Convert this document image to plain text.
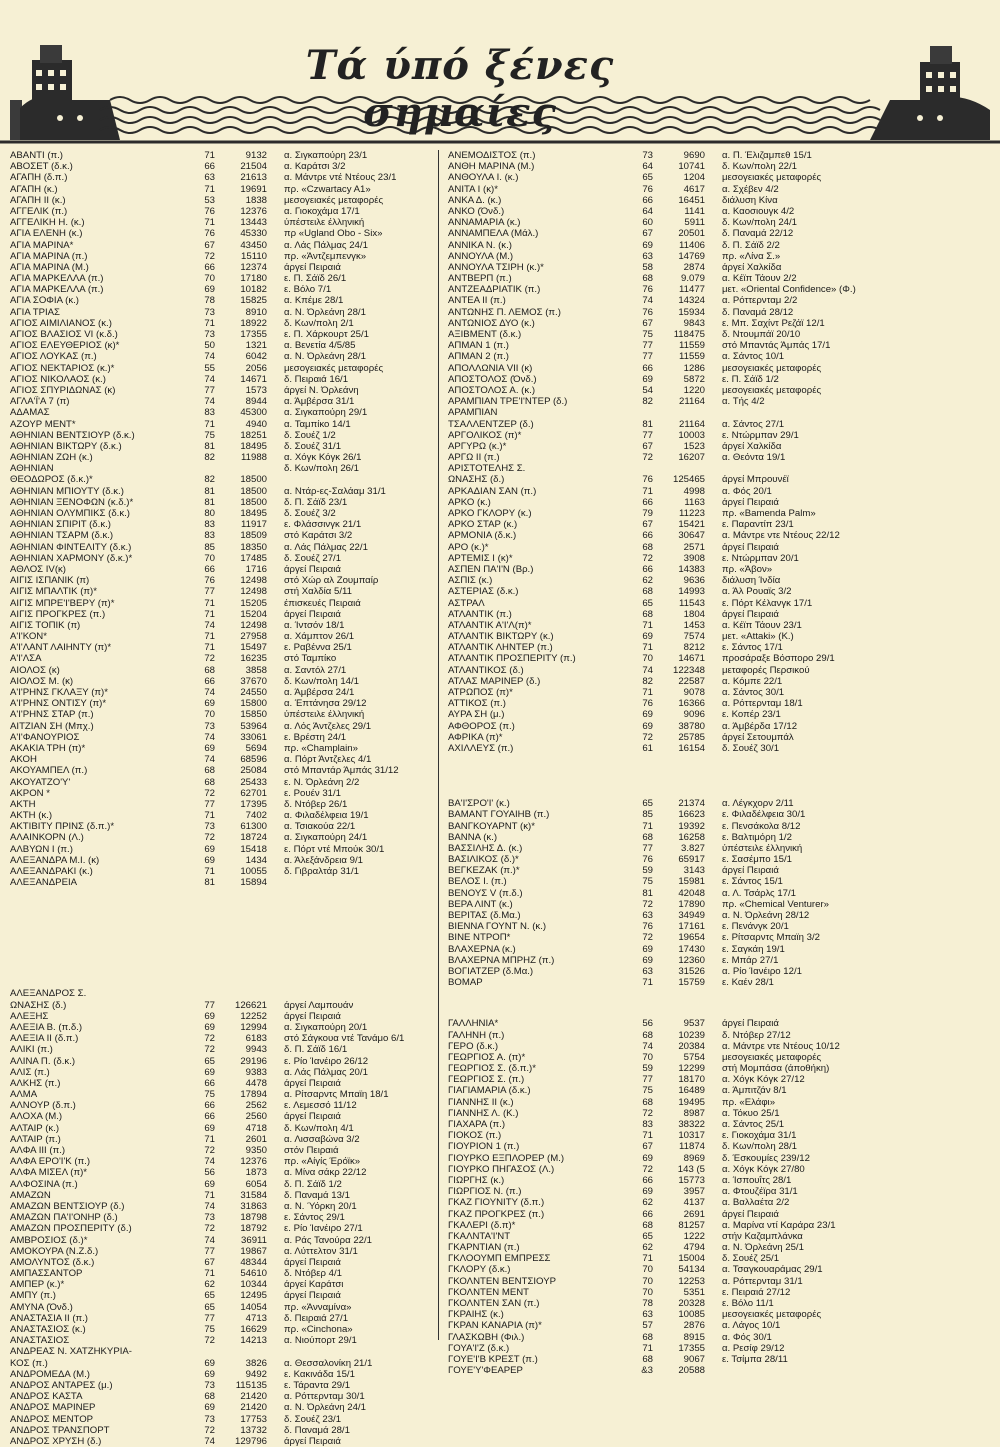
Τά ύπό ξένες σημαίες
ΑΒΑΝΤΙ (π.)	71	9132	α. Σιγκαπούρη 23/1
ΑΒΟΣΕΤ (δ.κ.)	66	21504	α. Καράτσι 3/2
ΑΓΑΠΗ (δ.π.)	63	21613	α. Μάντρε ντέ Ντέους 23/1
ΑΓΑΠΗ (κ.)	71	19691	πρ. «Czwartacy A1»
ΑΓΑΠΗ ΙΙ (κ.)	53	1838	μεσογειακές μεταφορές
ΑΓΓΕΛΙΚ (π.)	76	12376	α. Γιοκοχάμα 17/1
ΑΓΓΕΛΙΚΗ Η. (κ.)	71	13443	ύπέστειλε έλληνική
ΑΓΙΑ ΕΛΕΝΗ (κ.)	76	45330	πρ «Ugland Obo - Six»
ΑΓΙΑ ΜΑΡΙΝΑ*	67	43450	α. Λάς Πάλμας 24/1
ΑΓΙΑ ΜΑΡΙΝΑ (π.)	72	15110	πρ. «Άντζεμπενγκ»
ΑΓΙΑ ΜΑΡΙΝΑ (Μ.)	66	12374	άργεί Πειραιά
ΑΓΙΑ ΜΑΡΚΕΛΛΑ (π.)	70	17180	ε. Π. Σάϊδ 26/1
ΑΓΙΑ ΜΑΡΚΕΛΛΑ (π.)	69	10182	ε. Βόλο 7/1
ΑΓΙΑ ΣΟΦΙΑ (κ.)	78	15825	α. Κπέμε 28/1
ΑΓΙΑ ΤΡΙΑΣ	73	8910	α. Ν. Όρλεάνη 28/1
ΑΓΙΟΣ ΑΙΜΙΛΙΑΝΟΣ (κ.)	71	18922	δ. Κων/πολη 2/1
ΑΓΙΟΣ ΒΛΑΣΙΟΣ VI (κ.δ.)	73	17355	ε. Π. Χάρκουρτ 25/1
ΑΓΙΟΣ ΕΛΕΥΘΕΡΙΟΣ (κ)*	50	1321	α. Βενετία 4/5/85
ΑΓΙΟΣ ΛΟΥΚΑΣ (π.)	74	6042	α. Ν. Όρλεάνη 28/1
ΑΓΙΟΣ ΝΕΚΤΑΡΙΟΣ (κ.)*	55	2056	μεσογειακές μεταφορές
ΑΓΙΟΣ ΝΙΚΟΛΑΟΣ (κ.)	74	14671	δ. Πειραιά 16/1
ΑΓΙΟΣ ΣΠΥΡΙΔΩΝΑΣ (κ)	77	1573	άργεί Ν. Όρλεάνη
ΑΓΛΑ'Ϊ'Α 7 (π)	74	8944	α. Άμβέρσα 31/1
ΑΔΑΜΑΣ	83	45300	α. Σιγκαπούρη 29/1
ΑΖΟΥΡ ΜΕΝΤ*	71	4940	α. Ταμπίκο 14/1
ΑΘΗΝΙΑΝ ΒΕΝΤΣΙΟΥΡ (δ.κ.)	75	18251	δ. Σουέζ 1/2
ΑΘΗΝΙΑΝ ΒΙΚΤΩΡΥ (δ.κ.)	81	18495	δ. Σουέζ 31/1
ΑΘΗΝΙΑΝ ΖΩΗ (κ.)	82	11988	α. Χόγκ Κόγκ 26/1
ΑΘΗΝΙΑΝ	δ. Κων/πολη 26/1
ΘΕΟΔΩΡΟΣ (δ.κ.)*	82	18500
ΑΘΗΝΙΑΝ ΜΠΙΟΥΤΥ (δ.κ.)	81	18500	α. Ντάρ-ες-Σαλάαμ 31/1
ΑΘΗΝΙΑΝ ΞΕΝΟΦΩΝ (κ.δ.)*	81	18500	δ. Π. Σάϊδ 23/1
ΑΘΗΝΙΑΝ ΟΛΥΜΠΙΚΣ (δ.κ.)	80	18495	δ. Σουέζ 3/2
ΑΘΗΝΙΑΝ ΣΠΙΡΙΤ (δ.κ.)	83	11917	ε. Φλάσσινγκ 21/1
ΑΘΗΝΙΑΝ ΤΣΑΡΜ (δ.κ.)	83	18509	στό Καράτσι 3/2
ΑΘΗΝΙΑΝ ΦΙΝΤΕΛΙΤΥ (δ.κ.)	85	18350	α. Λάς Πάλμας 22/1
ΑΘΗΝΙΑΝ ΧΑΡΜΟΝΥ (δ.κ.)*	70	17485	δ. Σουέζ 27/1
ΑΘΛΟΣ IV(κ)	66	1716	άργεί Πειραιά
ΑΙΓΙΣ ΙΣΠΑΝΙΚ (π)	76	12498	στό Χώρ αλ Ζουμπαίρ
ΑΙΓΙΣ ΜΠΑΛΤΙΚ (π)*	77	12498	στή Χαλδία 5/11
ΑΙΓΙΣ ΜΠΡΕ'Ι'ΒΕΡΥ (π)*	71	15205	έπισκευές Πειραιά
ΑΙΓΙΣ ΠΡΟΓΚΡΕΣ (π.)	71	15204	άργεί Πειραιά
ΑΙΓΙΣ ΤΟΠΙΚ (π)	74	12498	α. Ίντσόν 18/1
Α'Ι'ΚΟΝ*	71	27958	α. Χάμπτον 26/1
Α'Ι'ΛΑΝΤ ΛΑΙΗΝΤΥ (π)*	71	15497	ε. Ραβέννα 25/1
Α'Ι'ΛΣΑ	72	16235	στό Ταμπίκο
ΑΙΟΛΟΣ (κ)	68	3858	α. Σαντόλ 27/1
ΑΙΟΛΟΣ Μ. (κ)	66	37670	δ. Κων/πολη 14/1
Α'Ι'ΡΗΝΣ ΓΚΛΑΞΥ (π)*	74	24550	α. Άμβέρσα 24/1
Α'Ι'ΡΗΝΣ ΟΝΤΙΣΥ (π)*	69	15800	α. Έπτάνησα 29/12
Α'Ι'ΡΗΝΣ ΣΤΑΡ (π.)	70	15850	ύπέστειλε έλληνική
ΑΙΤΖΙΑΝ ΣΗ (Μπχ.)	73	53964	α. Λός Άντζελες 29/1
Α'Ι'ΦΑΝΟΥΡΙΟΣ	74	33061	ε. Βρέστη 24/1
ΑΚΑΚΙΑ ΤΡΗ (π)*	69	5694	πρ. «Champlain»
ΑΚΟΗ	74	68596	α. Πόρτ Άντζελες 4/1
ΑΚΟΥΑΜΠΕΛ (π.)	68	25084	στό Μπαντάρ Άμπάς 31/12
ΑΚΟΥΑΤΖΟ'Υ'	68	25433	ε. Ν. Όρλεάνη 2/2
ΑΚΡΟΝ *	72	62701	ε. Ρουέν 31/1
ΑΚΤΗ	77	17395	δ. Ντόβερ 26/1
ΑΚΤΗ (κ.)	71	7402	α. Φιλαδέλφεια 19/1
ΑΚΤΙΒΙΤΥ ΠΡΙΝΣ (δ.π.)*	73	61300	α. Τσιακούα 22/1
ΑΛΑΙΝΚΟΡΝ (Λ.)	72	18724	α. Σιγκαπούρη 24/1
ΑΛΒΥΩΝ Ι (π.)	69	15418	ε. Πόρτ ντέ Μπούκ 30/1
ΑΛΕΞΑΝΔΡΑ Μ.Ι. (κ)	69	1434	α. Άλεξάνδρεια 9/1
ΑΛΕΞΑΝΔΡΑΚΙ (κ.)	71	10055	δ. Γιβραλτάρ 31/1
ΑΛΕΞΑΝΔΡΕΙΑ	81	15894
ΑΛΕΞΑΝΔΡΟΣ Σ.
ΩΝΑΣΗΣ (δ.)	77	126621	άργεί Λαμπουάν
ΑΛΕΞΗΣ	69	12252	άργεί Πειραιά
ΑΛΕΞΙΑ Β. (π.δ.)	69	12994	α. Σιγκαπούρη 20/1
ΑΛΕΞΙΑ ΙΙ (δ.π.)	72	6183	στό Σάγκουα ντέ Τανάμο 6/1
ΑΛΙΚΙ (π.)	72	9943	δ. Π. Σάϊδ 16/1
ΑΛΙΝΑ Π. (δ.κ.)	65	29196	ε. Ρίο Ίανέιρο 26/12
ΑΛΙΣ (π.)	69	9383	α. Λάς Πάλμας 20/1
ΑΛΚΗΣ (π.)	66	4478	άργεί Πειραιά
ΑΛΜΑ	75	17894	α. Ρίτσαρντς Μπαϊη 18/1
ΑΛΝΟΥΡ (δ.π.)	66	2562	ε. Λεμεσσό 11/12
ΑΛΟΧΑ (Μ.)	66	2560	άργεί Πειραιά
ΑΛΤΑΙΡ (κ.)	69	4718	δ. Κων/πολη 4/1
ΑΛΤΑΙΡ (π.)	71	2601	α. Λισσαβώνα 3/2
ΑΛΦΑ ΙΙΙ (π.)	72	9350	στόν Πειραιά
ΑΛΦΑ ΕΡΟ'Ι'Κ (π.)	74	12376	πρ. «Αίγίς Έρόϊκ»
ΑΛΦΑ ΜΙΣΕΛ (π)*	56	1873	α. Μίνα σάκρ 22/12
ΑΛΦΟΣΙΝΑ (π.)	69	6054	δ. Π. Σάϊδ 1/2
ΑΜΑΖΩΝ	71	31584	δ. Παναμά 13/1
ΑΜΑΖΩΝ ΒΕΝΤΣΙΟΥΡ (δ.)	74	31863	α. Ν. Ύόρκη 20/1
ΑΜΑΖΩΝ ΠΑ'Ι'ΟΝΗΡ (δ.)	73	18798	ε. Σάντος 29/1
ΑΜΑΖΩΝ ΠΡΟΣΠΕΡΙΤΥ (δ.)	72	18792	ε. Ρίο Ίανέιρο 27/1
ΑΜΒΡΟΣΙΟΣ (δ.)*	74	36911	α. Ράς Τανούρα 22/1
ΑΜΟΚΟΥΡΑ (Ν.Ζ.δ.)	77	19867	α. Λύττελτον 31/1
ΑΜΟΛΥΝΤΟΣ (δ.κ.)	67	48344	άργεί Πειραιά
ΑΜΠΑΣΣΑΝΤΟΡ	71	54610	δ. Ντόβερ 4/1
ΑΜΠΕΡ (κ.)*	62	10344	άργεί Καράτσι
ΑΜΠΥ (π.)	65	12495	άργεί Πειραιά
ΑΜΥΝΑ (Όνδ.)	65	14054	πρ. «Άνναμίνα»
ΑΝΑΣΤΑΣΙΑ ΙΙ (π.)	77	4713	δ. Πειραιά 27/1
ΑΝΑΣΤΑΣΙΟΣ (κ.)	75	16629	πρ. «Cinchona»
ΑΝΑΣΤΑΣΙΟΣ	72	14213	α. Νιούπορτ 29/1
ΑΝΔΡΕΑΣ Ν. ΧΑΤΖΗΚΥΡΙΑ-
ΚΟΣ (π.)	69	3826	α. Θεσσαλονίκη 21/1
ΑΝΔΡΟΜΕΔΑ (Μ.)	69	9492	ε. Κακινάδα 15/1
ΑΝΔΡΟΣ ΑΝΤΑΡΕΣ (μ.)	73	115135	ε. Τάραντα 29/1
ΑΝΔΡΟΣ ΚΑΣΤΑ	68	21420	α. Ρόττερνταμ 30/1
ΑΝΔΡΟΣ ΜΑΡΙΝΕΡ	69	21420	α. Ν. Όρλεάνη 24/1
ΑΝΔΡΟΣ ΜΕΝΤΟΡ	73	17753	δ. Σουέζ 23/1
ΑΝΔΡΟΣ ΤΡΑΝΣΠΟΡΤ	72	13732	δ. Παναμά 28/1
ΑΝΔΡΟΣ ΧΡΥΣΗ (δ.)	74	129796	άργεί Πειραιά
ΑΝΕΜΟΔΙΣΤΟΣ (π.)	73	9690	α. Π. Έλιζαμπεθ 15/1
ΑΝΘΗ ΜΑΡΙΝΑ (Μ.)	64	10741	δ. Κων/πολη 22/1
ΑΝΘΟΥΛΑ Ι. (κ.)	65	1204	μεσογειακές μεταφορές
ΑΝΙΤΑ Ι (κ)*	76	4617	α. Σχέβεν 4/2
ΑΝΚΑ Δ. (κ.)	66	16451	διάλυση Κίνα
ΑΝΚΟ (Όνδ.)	64	1141	α. Καοσιουγκ 4/2
ΑΝΝΑΜΑΡΙΑ (κ.)	60	5911	δ. Κων/πολη 24/1
ΑΝΝΑΜΠΕΛΑ (Μάλ.)	67	20501	δ. Παναμά 22/12
ΑΝΝΙΚΑ Ν. (κ.)	69	11406	δ. Π. Σάϊδ 2/2
ΑΝΝΟΥΛΑ (Μ.)	63	14769	πρ. «Λίνα Σ.»
ΑΝΝΟΥΛΑ ΤΣΙΡΗ (κ.)*	58	2874	άργεί Χαλκίδα
ΑΝΤΒΕΡΠ (π.)	68	9.079	α. Κέϊπ Τάουν 2/2
ΑΝΤΖΕΑΔΡΙΑΤΙΚ (π.)	76	11477	μετ. «Oriental Confidence» (Φ.)
ΑΝΤΕΑ ΙΙ (π.)	74	14324	α. Ρόττερνταμ 2/2
ΑΝΤΩΝΗΣ Π. ΛΕΜΟΣ (π.)	76	15934	δ. Παναμά 28/12
ΑΝΤΩΝΙΟΣ ΔΥΟ (κ.)	67	9843	ε. Μπ. Σαχίντ Ρεζάϊ 12/1
ΑΞΙΒΜΕΝΤ (δ.κ.)	75	118475	δ. Ντουμπάϊ 20/10
ΑΠΜΑΝ 1 (π.)	77	11559	στό Μπαντάς Άμπάς 17/1
ΑΠΜΑΝ 2 (π.)	77	11559	α. Σάντος 10/1
ΑΠΟΛΛΩΝΙΑ VII (κ)	66	1286	μεσογειακές μεταφορές
ΑΠΟΣΤΟΛΟΣ (Όνδ.)	69	5872	ε. Π. Σάϊδ 1/2
ΑΠΟΣΤΟΛΟΣ Α. (κ.)	54	1220	μεσογειακές μεταφορές
ΑΡΑΜΠΙΑΝ ΤΡΕ'Ι'ΝΤΕΡ (δ.)	82	21164	α. Τής 4/2
ΑΡΑΜΠΙΑΝ
ΤΣΑΛΛΕΝΤΖΕΡ (δ.)	81	21164	α. Σάντος 27/1
ΑΡΓΟΛΙΚΟΣ (π)*	77	10003	ε. Ντώρμπαν 29/1
ΑΡΓΥΡΩ (κ.)*	67	1523	άργεί Χαλκίδα
ΑΡΓΩ ΙΙ (π.)	72	16207	α. Θεόντα 19/1
ΑΡΙΣΤΟΤΕΛΗΣ Σ.
ΩΝΑΣΗΣ (δ.)	76	125465	άργεί Μπρουνέϊ
ΑΡΚΑΔΙΑΝ ΣΑΝ (π.)	71	4998	α. Φός 20/1
ΑΡΚΟ (κ.)	66	1163	άργεί Πειραιά
ΑΡΚΟ ΓΚΛΟΡΥ (κ.)	79	11223	πρ. «Bamenda Palm»
ΑΡΚΟ ΣΤΑΡ (κ.)	67	15421	ε. Παραντίπ 23/1
ΑΡΜΟΝΙΑ (δ.κ.)	66	30647	α. Μάντρε ντε Ντέους 22/12
ΑΡΟ (κ.)*	68	2571	άργεί Πειραιά
ΑΡΤΕΜΙΣ Ι (κ)*	72	3908	ε. Ντώρμπαν 20/1
ΑΣΠΕΝ ΠΑ'Ι'Ν (Βρ.)	66	14383	πρ. «Άβον»
ΑΣΠΙΣ (κ.)	62	9636	διάλυση Ίνδία
ΑΣΤΕΡΙΑΣ (δ.κ.)	68	14993	α. Άλ Ρουαϊς 3/2
ΑΣΤΡΑΛ	65	11543	ε. Πόρτ Κέλανγκ 17/1
ΑΤΛΑΝΤΙΚ (π.)	68	1804	άργεί Πειραιά
ΑΤΛΑΝΤΙΚ Α'Ι'Λ(π)*	71	1453	α. Κέϊπ Τάουν 23/1
ΑΤΛΑΝΤΙΚ ΒΙΚΤΩΡΥ (κ.)	69	7574	μετ. «Attaki» (Κ.)
ΑΤΛΑΝΤΙΚ ΛΗΝΤΕΡ (π.)	71	8212	ε. Σάντος 17/1
ΑΤΛΑΝΤΙΚ ΠΡΟΣΠΕΡΙΤΥ (π.)	70	14671	προσάραξε Βόσπορο 29/1
ΑΤΛΑΝΤΙΚΟΣ (δ.)	74	122348	μεταφορές Περσικού
ΑΤΛΑΣ ΜΑΡΙΝΕΡ (δ.)	82	22587	α. Κόμπε 22/1
ΑΤΡΩΠΟΣ (π)*	71	9078	α. Σάντος 30/1
ΑΤΤΙΚΟΣ (π.)	76	16366	α. Ρόττερνταμ 18/1
ΑΥΡΑ ΣΗ (μ.)	69	9096	ε. Κοπέρ 23/1
ΑΦΘΟΡΟΣ (π.)	69	38780	α. Άμβέρδα 17/12
ΑΦΡΙΚΑ (π)*	72	25785	άργεί Σετουμπάλ
ΑΧΙΛΛΕΥΣ (π.)	61	16154	δ. Σουέζ 30/1
ΒΑ'Ι'ΣΡΟ'Ι' (κ.)	65	21374	α. Λέγκχορν 2/11
ΒΑΜΑΝΤ ΓΟΥΑΙΗΒ (π.)	85	16623	ε. Φιλαδέλφεια 30/1
ΒΑΝΓΚΟΥΑΡΝΤ (κ)*	71	19392	ε. Πενσάκολα 8/12
ΒΑΝΝΑ (κ.)	68	16258	ε. Βαλτιμόρη 1/2
ΒΑΣΣΙΛΗΣ Δ. (κ.)	77	3.827	ύπέστειλε έλληνική
ΒΑΣΙΛΙΚΟΣ (δ.)*	76	65917	ε. Σασέμπο 15/1
ΒΕΓΚΕΖΑΚ (π.)*	59	3143	άργεί Πειραιά
ΒΕΛΟΣ Ι. (π.)	75	15981	ε. Σάντος 15/1
ΒΕΝΟΥΣ V (π.δ.)	81	42048	α. Λ. Τσάρλς 17/1
ΒΕΡΑ ΛΙΝΤ (κ.)	72	17890	πρ. «Chemical Venturer»
ΒΕΡΙΤΑΣ (δ.Μα.)	63	34949	α. Ν. Όρλεάνη 28/12
ΒΙΕΝΝΑ ΓΟΥΝΤ Ν. (κ.)	76	17161	ε. Πενάνγκ 20/1
ΒΙΝΕ ΝΤΡΟΠ*	72	19654	ε. Ρίτσαρντς Μπαϊη 3/2
ΒΛΑΧΕΡΝΑ (κ.)	69	17430	ε. Σαγκάη 19/1
ΒΛΑΧΕΡΝΑ ΜΠΡΗΖ (π.)	69	12360	ε. Μπάρ 27/1
ΒΟΓΙΑΤΖΕΡ (δ.Μα.)	63	31526	α. Ρίο Ίανέιρο 12/1
ΒΟΜΑΡ	71	15759	ε. Καέν 28/1
ΓΑΛΛΗΝΙΑ*	56	9537	άργεί Πειραιά
ΓΑΛΗΝΗ (π.)	68	10239	δ. Ντόβερ 27/12
ΓΕΡΟ (δ.κ.)	74	20384	α. Μάντρε ντε Ντέους 10/12
ΓΕΩΡΓΙΟΣ Α. (π)*	70	5754	μεσογειακές μεταφορές
ΓΕΩΡΓΙΟΣ Σ. (δ.π.)*	59	12299	στή Μομπάσα (άποθήκη)
ΓΕΩΡΓΙΟΣ Σ. (π.)	77	18170	α. Χόγκ Κόγκ 27/12
ΓΙΑΓΙΑΜΑΡΙΑ (δ.κ.)	75	16489	α. Άμπιτζάν 8/1
ΓΙΑΝΝΗΣ ΙΙ (κ.)	68	19495	πρ. «Ελάφι»
ΓΙΑΝΝΗΣ Λ. (Κ.)	72	8987	α. Τόκυο 25/1
ΓΙΑΧΑΡΑ (π.)	83	38322	α. Σάντος 25/1
ΓΙΟΚΟΣ (π.)	71	10317	ε. Γιοκοχάμα 31/1
ΓΙΟΥΡΙΟΝ 1 (π.)	67	11874	δ. Κων/πολη 28/1
ΓΙΟΥΡΚΟ ΕΞΠΛΟΡΕΡ (Μ.)	69	8969	δ. Έσκουμίες 239/12
ΓΙΟΥΡΚΟ ΠΗΓΑΣΟΣ (Λ.)	72	143 (5	α. Χόγκ Κόγκ 27/80
ΓΙΩΡΓΗΣ (κ.)	66	15773	α. Ίσπουΐτς 28/1
ΓΙΩΡΓΙΟΣ Ν. (π.)	69	3957	α. Φτουζέϊρα 31/1
ΓΚΑΖ ΓΙΟΥΝΙΤΥ (δ.π.)	62	4137	α. Βαλλαέτα 2/2
ΓΚΑΖ ΠΡΟΓΚΡΕΣ (π.)	66	2691	άργεί Πειραιά
ΓΚΑΛΕΡΙ (δ.π)*	68	81257	α. Μαρίνα ντί Καράρα 23/1
ΓΚΑΛΝΤΑ'Ι'ΝΤ	65	1222	στήν Καζαμπλάνκα
ΓΚΑΡΝΤΙΑΝ (π.)	62	4794	α. Ν. Όρλεάνη 25/1
ΓΚΛΟΟΥΜΠ ΕΜΠΡΕΣΣ	71	15004	δ. Σουέζ 25/1
ΓΚΛΟΡΥ (δ.κ.)	70	54134	α. Τσαγκουαράμας 29/1
ΓΚΟΛΝΤΕΝ ΒΕΝΤΣΙΟΥΡ	70	12253	α. Ρόττερνταμ 31/1
ΓΚΟΛΝΤΕΝ ΜΕΝΤ	70	5351	ε. Πειραιά 27/12
ΓΚΟΛΝΤΕΝ ΣΑΝ (π.)	78	20328	ε. Βόλο 11/1
ΓΚΡΑΙΗΣ (κ.)	63	10085	μεσογειακές μεταφορές
ΓΚΡΑΝ ΚΑΝΑΡΙΑ (π)*	57	2876	α. Λάγος 10/1
ΓΛΑΣΚΩΒΗ (Φιλ.)	68	8915	α. Φός 30/1
ΓΟΥΑ'Ι'Ζ (δ.κ.)	71	17355	α. Ρεσίφ 29/12
ΓΟΥΕ'Ι'Β ΚΡΕΣΤ (π.)	68	9067	ε. Τσίμπα 28/11
ΓΟΥΕ'Υ'ΦΕΑΡΕΡ	&3	20588
